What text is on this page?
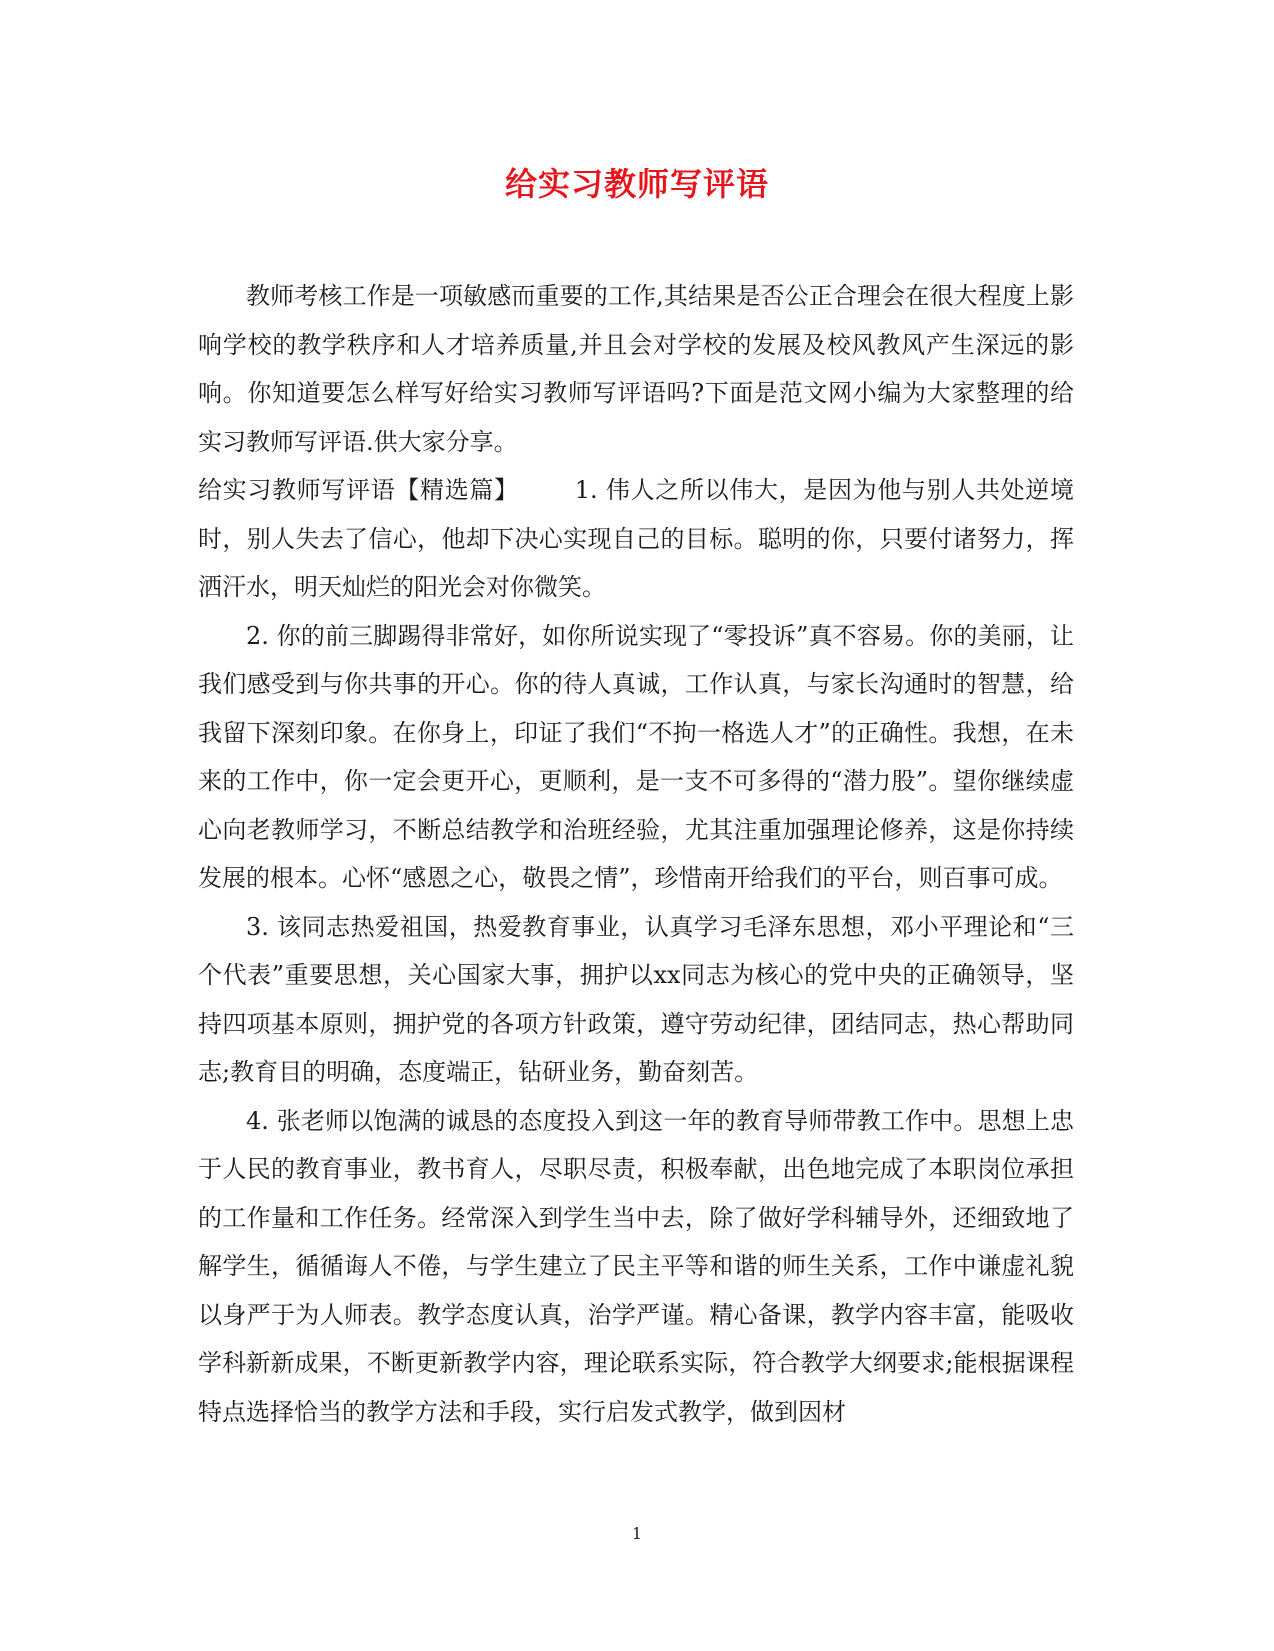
给实习教师写评语

教师考核工作是一项敏感而重要的工作,其结果是否公正合理会在很大程度上影响学校的教学秩序和人才培养质量,并且会对学校的发展及校风教风产生深远的影响。你知道要怎么样写好给实习教师写评语吗?下面是范文网小编为大家整理的给实习教师写评语.供大家分享。

给实习教师写评语【精选篇】 1. 伟人之所以伟大，是因为他与别人共处逆境时，别人失去了信心，他却下决心实现自己的目标。聪明的你，只要付诸努力，挥洒汗水，明天灿烂的阳光会对你微笑。

2. 你的前三脚踢得非常好，如你所说实现了“零投诉”真不容易。你的美丽，让我们感受到与你共事的开心。你的待人真诚，工作认真，与家长沟通时的智慧，给我留下深刻印象。在你身上，印证了我们“不拘一格选人才”的正确性。我想，在未来的工作中，你一定会更开心，更顺利，是一支不可多得的“潜力股”。望你继续虚心向老教师学习，不断总结教学和治班经验，尤其注重加强理论修养，这是你持续发展的根本。心怀“感恩之心，敬畏之情”，珍惜南开给我们的平台，则百事可成。

3. 该同志热爱祖国，热爱教育事业，认真学习毛泽东思想，邓小平理论和“三个代表”重要思想，关心国家大事，拥护以xx同志为核心的党中央的正确领导，坚持四项基本原则，拥护党的各项方针政策，遵守劳动纪律，团结同志，热心帮助同志;教育目的明确，态度端正，钻研业务，勤奋刻苦。

4. 张老师以饱满的诚恳的态度投入到这一年的教育导师带教工作中。思想上忠于人民的教育事业，教书育人，尽职尽责，积极奉献，出色地完成了本职岗位承担的工作量和工作任务。经常深入到学生当中去，除了做好学科辅导外，还细致地了解学生，循循诲人不倦，与学生建立了民主平等和谐的师生关系，工作中谦虚礼貌以身严于为人师表。教学态度认真，治学严谨。精心备课，教学内容丰富，能吸收学科新新成果，不断更新教学内容，理论联系实际，符合教学大纲要求;能根据课程特点选择恰当的教学方法和手段，实行启发式教学，做到因材

1
